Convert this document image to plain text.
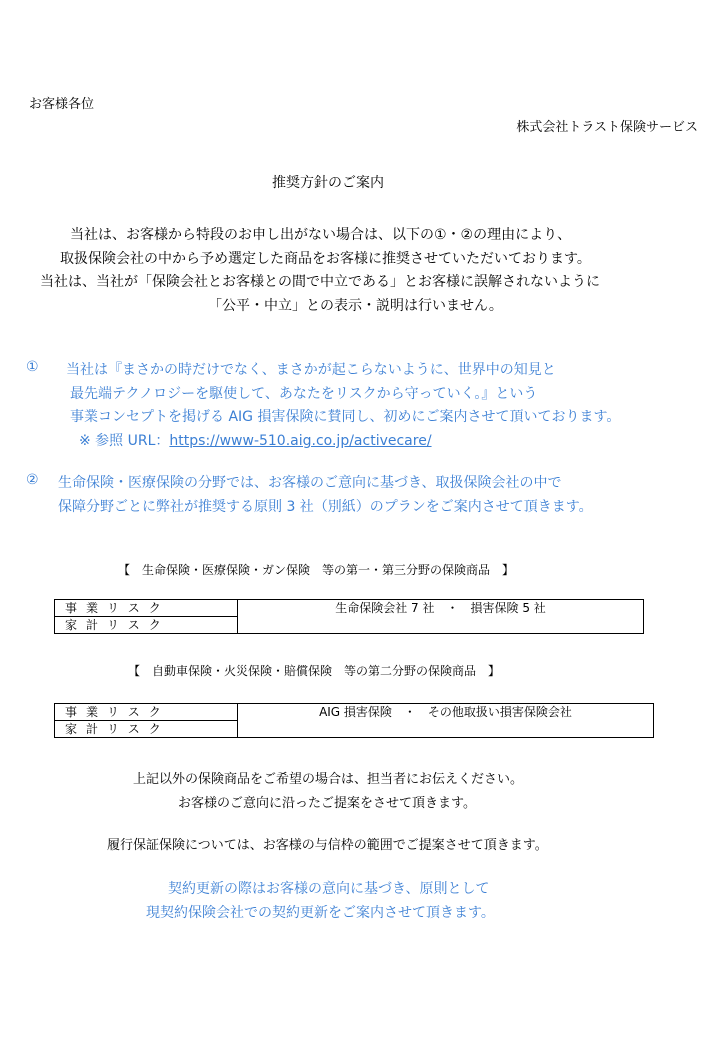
お客様各位
株式会社トラスト保険サービス
推奨方針のご案内
当社は、お客様から特段のお申し出がない場合は、以下の①・②の理由により、
取扱保険会社の中から予め選定した商品をお客様に推奨させていただいております。
当社は、当社が「保険会社とお客様との間で中立である」とお客様に誤解されないように
「公平・中立」との表示・説明は行いません。
① 当社は『まさかの時だけでなく、まさかが起こらないように、世界中の知見と
最先端テクノロジーを駆使して、あなたをリスクから守っていく。』という
事業コンセプトを掲げる AIG 損害保険に賛同し、初めにご案内させて頂いております。
※ 参照 URL：https://www-510.aig.co.jp/activecare/
② 生命保険・医療保険の分野では、お客様のご意向に基づき、取扱保険会社の中で
保障分野ごとに弊社が推奨する原則 3 社（別紙）のプランをご案内させて頂きます。
【　生命保険・医療保険・ガン保険　等の第一・第三分野の保険商品　】
事業リスク	生命保険会社 7 社　・　損害保険 5 社
家計リスク
【　自動車保険・火災保険・賠償保険　等の第二分野の保険商品　】
事業リスク	AIG 損害保険　・　その他取扱い損害保険会社
家計リスク
上記以外の保険商品をご希望の場合は、担当者にお伝えください。
お客様のご意向に沿ったご提案をさせて頂きます。
履行保証保険については、お客様の与信枠の範囲でご提案させて頂きます。
契約更新の際はお客様の意向に基づき、原則として
現契約保険会社での契約更新をご案内させて頂きます。
